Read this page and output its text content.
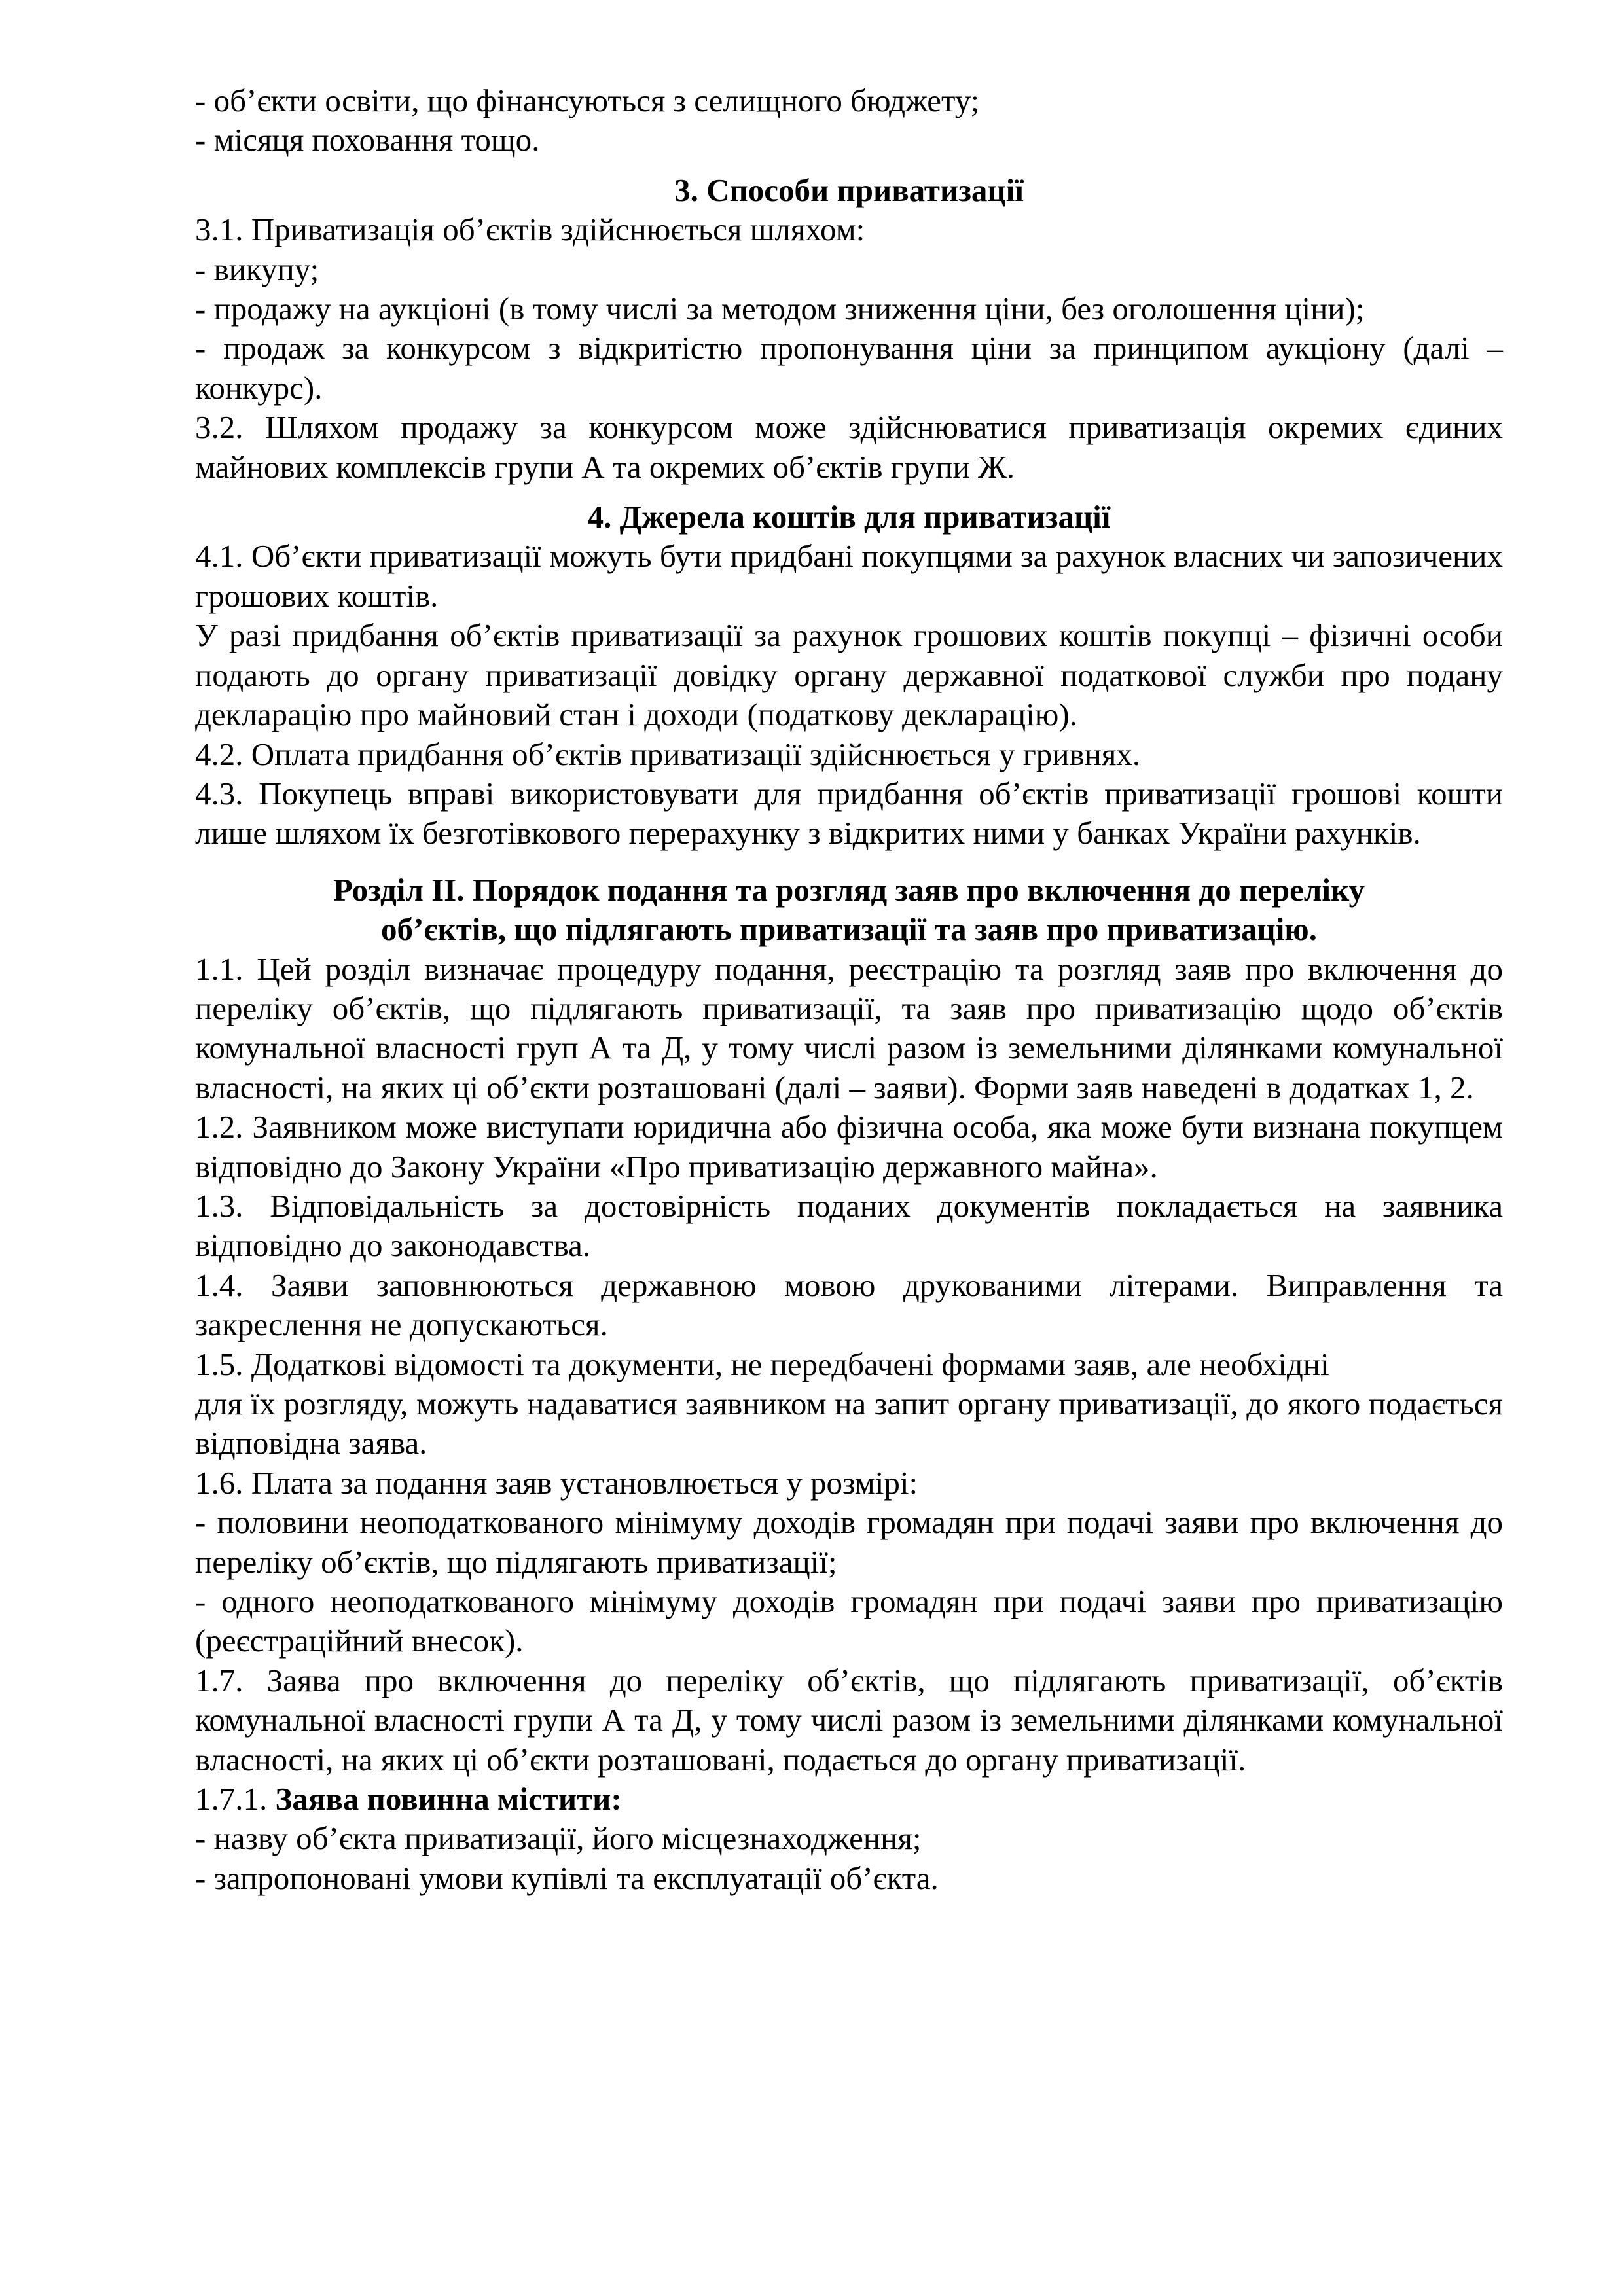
- об’єкти освіти, що фінансуються з селищного бюджету;

- місяця поховання тощо.

3. Способи приватизації

3.1. Приватизація об’єктів здійснюється шляхом:

- викупу;

- продажу на аукціоні (в тому числі за методом зниження ціни, без оголошення ціни);

- продаж за конкурсом з відкритістю пропонування ціни за принципом аукціону (далі – конкурс).

3.2. Шляхом продажу за конкурсом може здійснюватися приватизація окремих єдиних майнових комплексів групи А та окремих об’єктів групи Ж.

4. Джерела коштів для приватизації

4.1. Об’єкти приватизації можуть бути придбані покупцями за рахунок власних чи запозичених грошових коштів.

У разі придбання об’єктів приватизації за рахунок грошових коштів покупці – фізичні особи подають до органу приватизації довідку органу державної податкової служби про подану декларацію про майновий стан і доходи (податкову декларацію).

4.2. Оплата придбання об’єктів приватизації здійснюється у гривнях.

4.3. Покупець вправі використовувати для придбання об’єктів приватизації грошові кошти лише шляхом їх безготівкового перерахунку з відкритих ними у банках України рахунків.

Розділ ІІ. Порядок подання та розгляд заяв про включення до переліку

об’єктів, що підлягають приватизації та заяв про приватизацію.

1.1. Цей розділ визначає процедуру подання, реєстрацію та розгляд заяв про включення до переліку об’єктів, що підлягають приватизації, та заяв про приватизацію щодо об’єктів комунальної власності груп А та Д, у тому числі разом із земельними ділянками комунальної власності, на яких ці об’єкти розташовані (далі – заяви). Форми заяв наведені в додатках 1, 2.

1.2. Заявником може виступати юридична або фізична особа, яка може бути визнана покупцем відповідно до Закону України «Про приватизацію державного майна».

1.3. Відповідальність за достовірність поданих документів покладається на заявника відповідно до законодавства.

1.4. Заяви заповнюються державною мовою друкованими літерами. Виправлення та закреслення не допускаються.

1.5. Додаткові відомості та документи, не передбачені формами заяв, але необхідні

для їх розгляду, можуть надаватися заявником на запит органу приватизації, до якого подається відповідна заява.

1.6. Плата за подання заяв установлюється у розмірі:

- половини неоподаткованого мінімуму доходів громадян при подачі заяви про включення до переліку об’єктів, що підлягають приватизації;

- одного неоподаткованого мінімуму доходів громадян при подачі заяви про приватизацію (реєстраційний внесок).

1.7. Заява про включення до переліку об’єктів, що підлягають приватизації, об’єктів комунальної власності групи А та Д, у тому числі разом із земельними ділянками комунальної власності, на яких ці об’єкти розташовані, подається до органу приватизації.

1.7.1. Заява повинна містити:

- назву об’єкта приватизації, його місцезнаходження;

- запропоновані умови купівлі та експлуатації об’єкта.
